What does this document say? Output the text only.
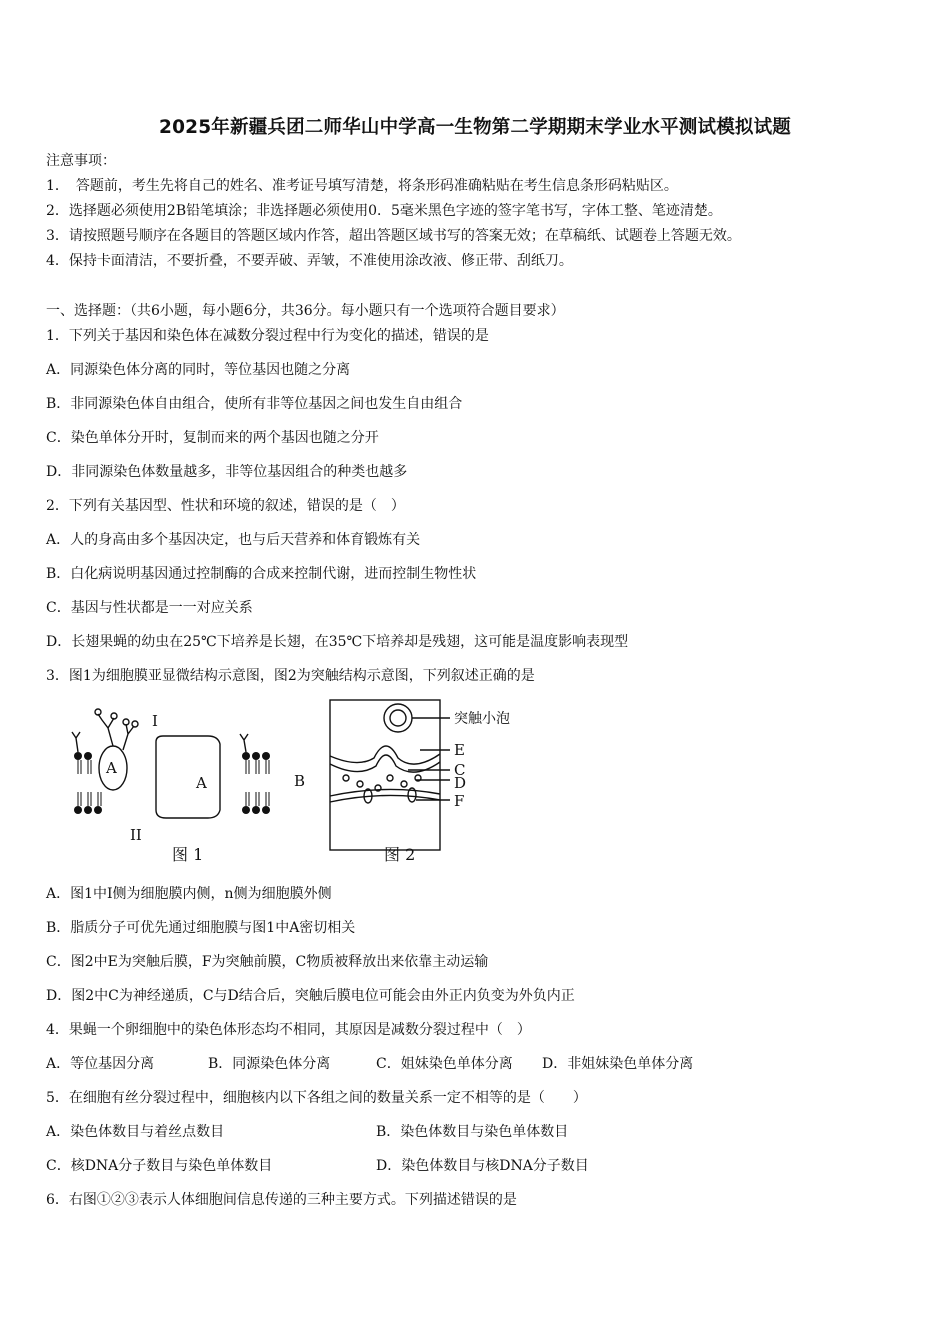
2025年新疆兵团二师华山中学高一生物第二学期期末学业水平测试模拟试题
注意事项：
1．　答题前，考生先将自己的姓名、准考证号填写清楚，将条形码准确粘贴在考生信息条形码粘贴区。
2．选择题必须使用2B铅笔填涂；非选择题必须使用0．5毫米黑色字迹的签字笔书写，字体工整、笔迹清楚。
3．请按照题号顺序在各题目的答题区域内作答，超出答题区域书写的答案无效；在草稿纸、试题卷上答题无效。
4．保持卡面清洁，不要折叠，不要弄破、弄皱，不准使用涂改液、修正带、刮纸刀。
一、选择题：（共6小题，每小题6分，共36分。每小题只有一个选项符合题目要求）
1．下列关于基因和染色体在减数分裂过程中行为变化的描述，错误的是
A．同源染色体分离的同时，等位基因也随之分离
B．非同源染色体自由组合，使所有非等位基因之间也发生自由组合
C．染色单体分开时，复制而来的两个基因也随之分开
D．非同源染色体数量越多，非等位基因组合的种类也越多
2．下列有关基因型、性状和环境的叙述，错误的是（　）
A．人的身高由多个基因决定，也与后天营养和体育锻炼有关
B．白化病说明基因通过控制酶的合成来控制代谢，进而控制生物性状
C．基因与性状都是一一对应关系
D．长翅果蝇的幼虫在25℃下培养是长翅，在35℃下培养却是残翅，这可能是温度影响表现型
3．图1为细胞膜亚显微结构示意图，图2为突触结构示意图，下列叙述正确的是
I
A
A	B
II
突触小泡
E
C
D
F
图 1	图 2
A．图1中I侧为细胞膜内侧，n侧为细胞膜外侧
B．脂质分子可优先通过细胞膜与图1中A密切相关
C．图2中E为突触后膜，F为突触前膜，C物质被释放出来依靠主动运输
D．图2中C为神经递质，C与D结合后，突触后膜电位可能会由外正内负变为外负内正
4．果蝇一个卵细胞中的染色体形态均不相同，其原因是减数分裂过程中（　）
A．等位基因分离	B．同源染色体分离	C．姐妹染色单体分离 D．非姐妹染色单体分离
5．在细胞有丝分裂过程中，细胞核内以下各组之间的数量关系一定不相等的是（　　）
A．染色体数目与着丝点数目	B．染色体数目与染色单体数目
C．核DNA分子数目与染色单体数目	D．染色体数目与核DNA分子数目
6．右图①②③表示人体细胞间信息传递的三种主要方式。下列描述错误的是
